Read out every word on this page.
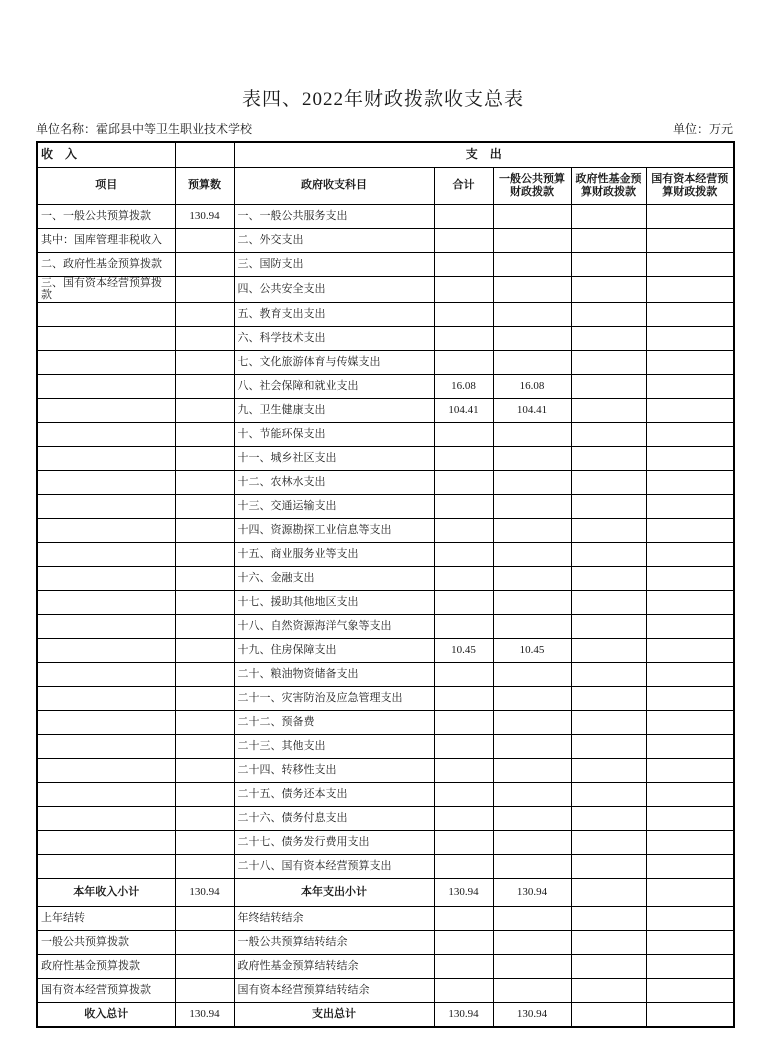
表四、2022年财政拨款收支总表
单位名称：霍邱县中等卫生职业技术学校	单位：万元
收　入		支　出				
项目	预算数	政府收支科目	合计	一般公共预算财政拨款	政府性基金预算财政拨款	国有资本经营预算财政拨款
一、一般公共预算拨款	130.94	一、一般公共服务支出				
其中：国库管理非税收入		二、外交支出				
二、政府性基金预算拨款		三、国防支出				
三、国有资本经营预算拨款		四、公共安全支出				
		五、教育支出支出				
		六、科学技术支出				
		七、文化旅游体育与传媒支出				
		八、社会保障和就业支出	16.08	16.08		
		九、卫生健康支出	104.41	104.41		
		十、节能环保支出				
		十一、城乡社区支出				
		十二、农林水支出				
		十三、交通运输支出				
		十四、资源勘探工业信息等支出				
		十五、商业服务业等支出				
		十六、金融支出				
		十七、援助其他地区支出				
		十八、自然资源海洋气象等支出				
		十九、住房保障支出	10.45	10.45		
		二十、粮油物资储备支出				
		二十一、灾害防治及应急管理支出				
		二十二、预备费				
		二十三、其他支出				
		二十四、转移性支出				
		二十五、债务还本支出				
		二十六、债务付息支出				
		二十七、债务发行费用支出				
		二十八、国有资本经营预算支出				
本年收入小计	130.94	本年支出小计	130.94	130.94		
上年结转		年终结转结余				
一般公共预算拨款		一般公共预算结转结余				
政府性基金预算拨款		政府性基金预算结转结余				
国有资本经营预算拨款		国有资本经营预算结转结余				
收入总计	130.94	支出总计	130.94	130.94		
